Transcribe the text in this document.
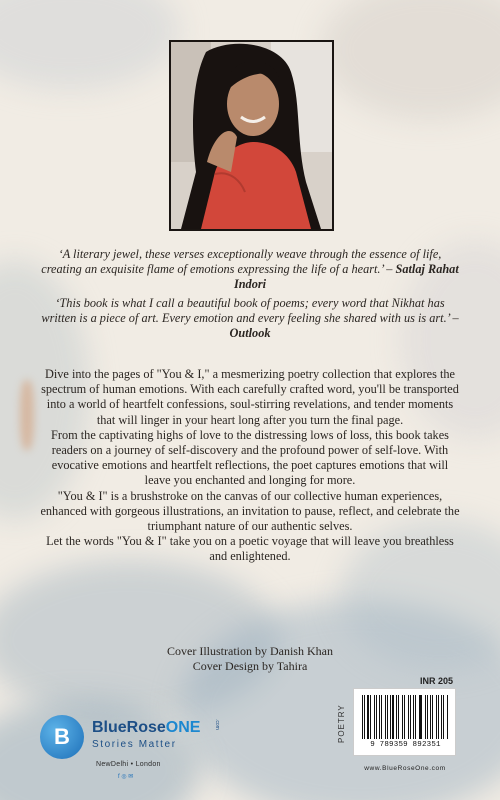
‘A literary jewel, these verses exceptionally weave through the essence of life, creating an exquisite flame of emotions expressing the life of a heart.’ – Satlaj Rahat Indori
‘This book is what I call a beautiful book of poems; every word that Nikhat has written is a piece of art. Every emotion and every feeling she shared with us is art.’ – Outlook

Dive into the pages of "You & I," a mesmerizing poetry collection that explores the spectrum of human emotions. With each carefully crafted word, you'll be transported into a world of heartfelt confessions, soul-stirring revelations, and tender moments that will linger in your heart long after you turn the final page.

From the captivating highs of love to the distressing lows of loss, this book takes readers on a journey of self-discovery and the profound power of self-love. With evocative emotions and heartfelt reflections, the poet captures emotions that will leave you enchanted and longing for more.

"You & I" is a brushstroke on the canvas of our collective human experiences, enhanced with gorgeous illustrations, an invitation to pause, reflect, and celebrate the triumphant nature of our authentic selves.

Let the words "You & I" take you on a poetic voyage that will leave you breathless and enlightened.

Cover Illustration by Danish Khan
Cover Design by Tahira
INR 205
B	BlueRoseONE	.com
Stories Matter
NewDelhi • London
f ◎ ✉
POETRY
9 789359 892351
www.BlueRoseOne.com
